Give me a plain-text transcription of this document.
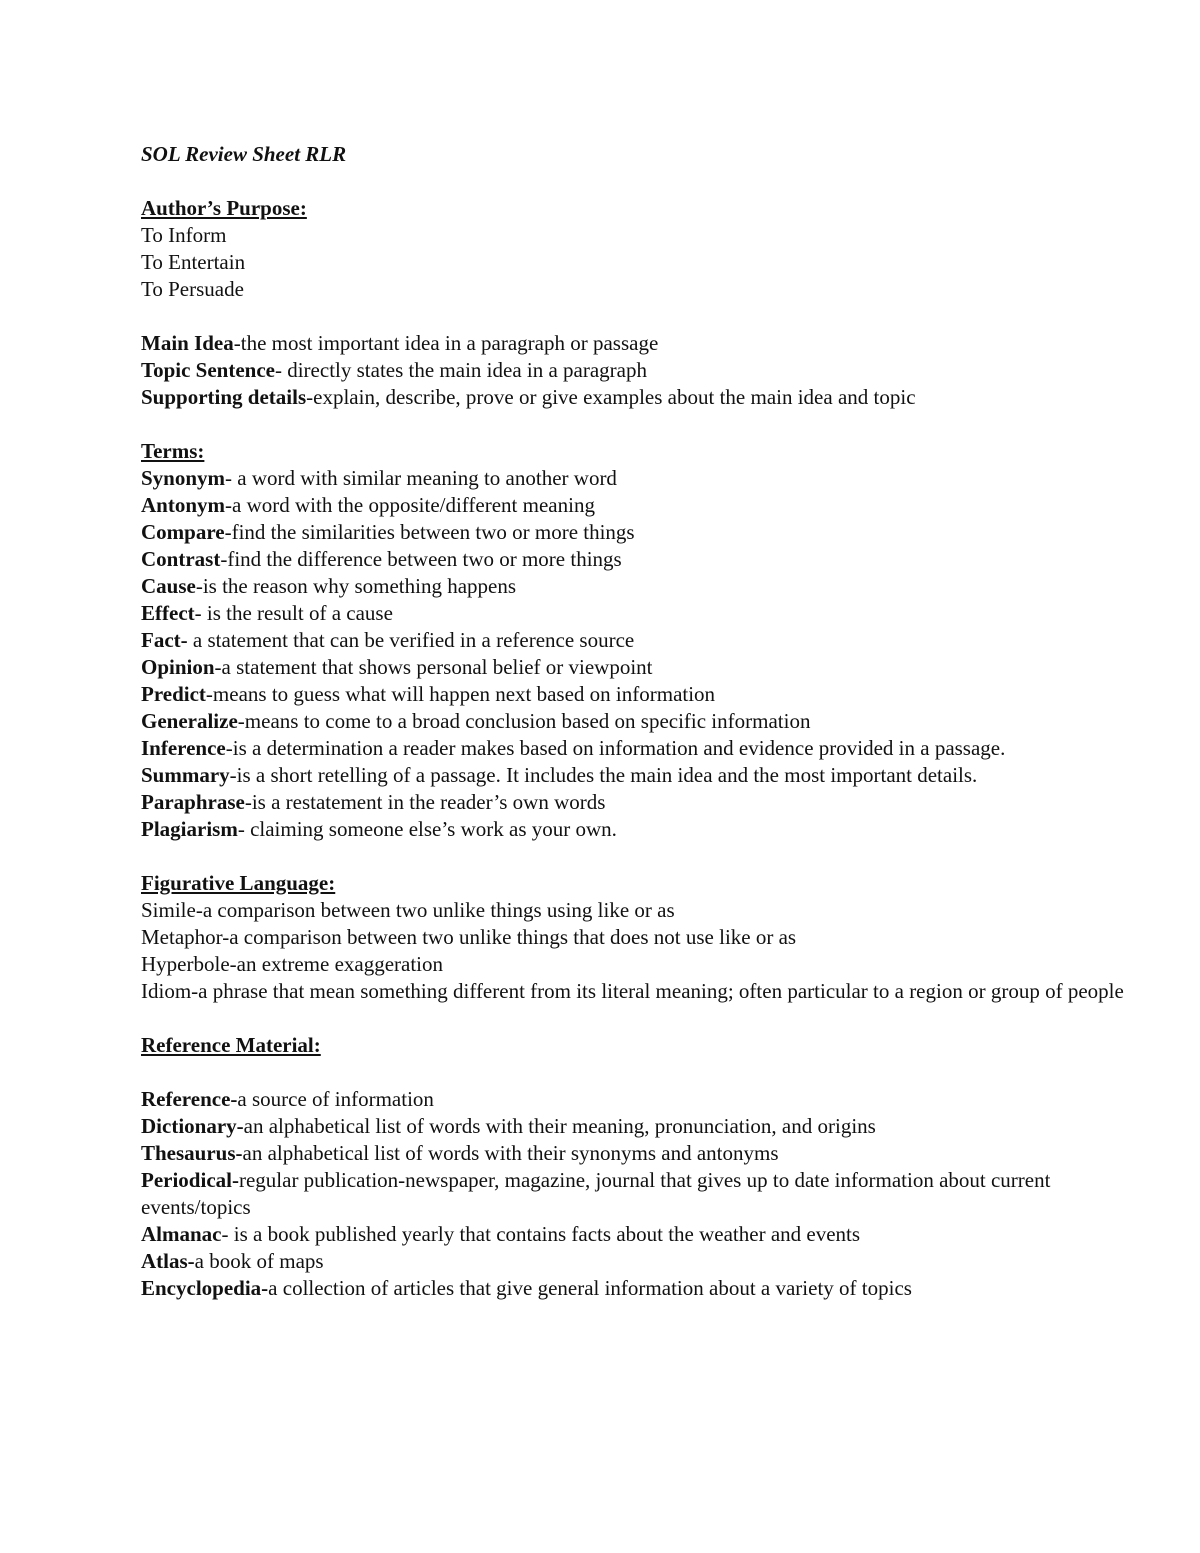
SOL Review Sheet RLR

Author’s Purpose:

To Inform

To Entertain

To Persuade

Main Idea-the most important idea in a paragraph or passage

Topic Sentence- directly states the main idea in a paragraph

Supporting details-explain, describe, prove or give examples about the main idea and topic

Terms:

Synonym- a word with similar meaning to another word

Antonym-a word with the opposite/different meaning

Compare-find the similarities between two or more things

Contrast-find the difference between two or more things

Cause-is the reason why something happens

Effect- is the result of a cause

Fact- a statement that can be verified in a reference source

Opinion-a statement that shows personal belief or viewpoint

Predict-means to guess what will happen next based on information

Generalize-means to come to a broad conclusion based on specific information

Inference-is a determination a reader makes based on information and evidence provided in a passage.

Summary-is a short retelling of a passage. It includes the main idea and the most important details.

Paraphrase-is a restatement in the reader’s own words

Plagiarism- claiming someone else’s work as your own.

Figurative Language:

Simile-a comparison between two unlike things using like or as

Metaphor-a comparison between two unlike things that does not use like or as

Hyperbole-an extreme exaggeration

Idiom-a phrase that mean something different from its literal meaning; often particular to a region or group of people

Reference Material:

Reference-a source of information

Dictionary-an alphabetical list of words with their meaning, pronunciation, and origins

Thesaurus-an alphabetical list of words with their synonyms and antonyms

Periodical-regular publication-newspaper, magazine, journal that gives up to date information about current events/topics

Almanac- is a book published yearly that contains facts about the weather and events

Atlas-a book of maps

Encyclopedia-a collection of articles that give general information about a variety of topics
